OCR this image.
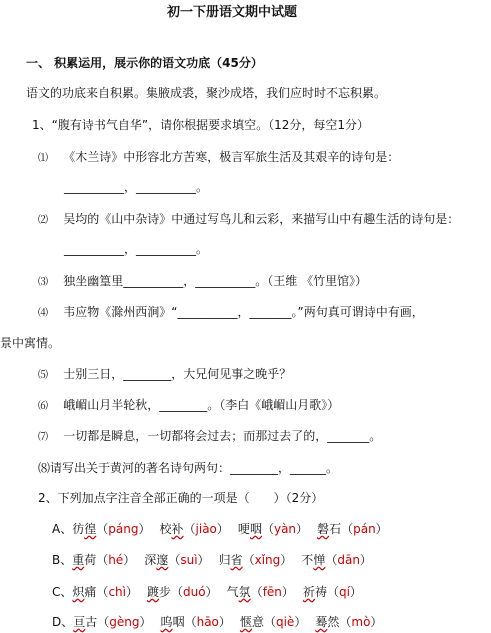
初一下册语文期中试题
一、 积累运用，展示你的语文功底（45分）
语文的功底来自积累。集腋成裘，聚沙成塔，我们应时时不忘积累。
1、“腹有诗书气自华”，请你根据要求填空。（12分，每空1分）
⑴ 《木兰诗》中形容北方苦寒，极言军旅生活及其艰辛的诗句是：
__________，__________。
⑵ 吴均的《山中杂诗》中通过写鸟儿和云彩，来描写山中有趣生活的诗句是：
__________，__________。
⑶ 独坐幽篁里__________，__________。（王维 《竹里馆》）
⑷ 韦应物《滁州西涧》“__________，_______。”两句真可谓诗中有画，
景中寓情。
⑸ 士别三日，________，大兄何见事之晚乎？
⑹ 峨嵋山月半轮秋，________。（李白《峨嵋山月歌》）
⑺ 一切都是瞬息，一切都将会过去；而那过去了的，_______。
⑻请写出关于黄河的著名诗句两句：________，______。
2、下列加点字注音全部正确的一项是（　　）（2分）
A、彷徨（páng） 校补（jiào） 哽咽（yàn） 磐石（pán）
B、重荷（hé） 深邃（suì） 归省（xǐng） 不惮（dān）
C、炽痛（chì） 踱步（duó） 气氛（fēn） 祈祷（qí）
D、亘古（gèng） 呜咽（hāo） 惬意（qiè） 蓦然（mò）
